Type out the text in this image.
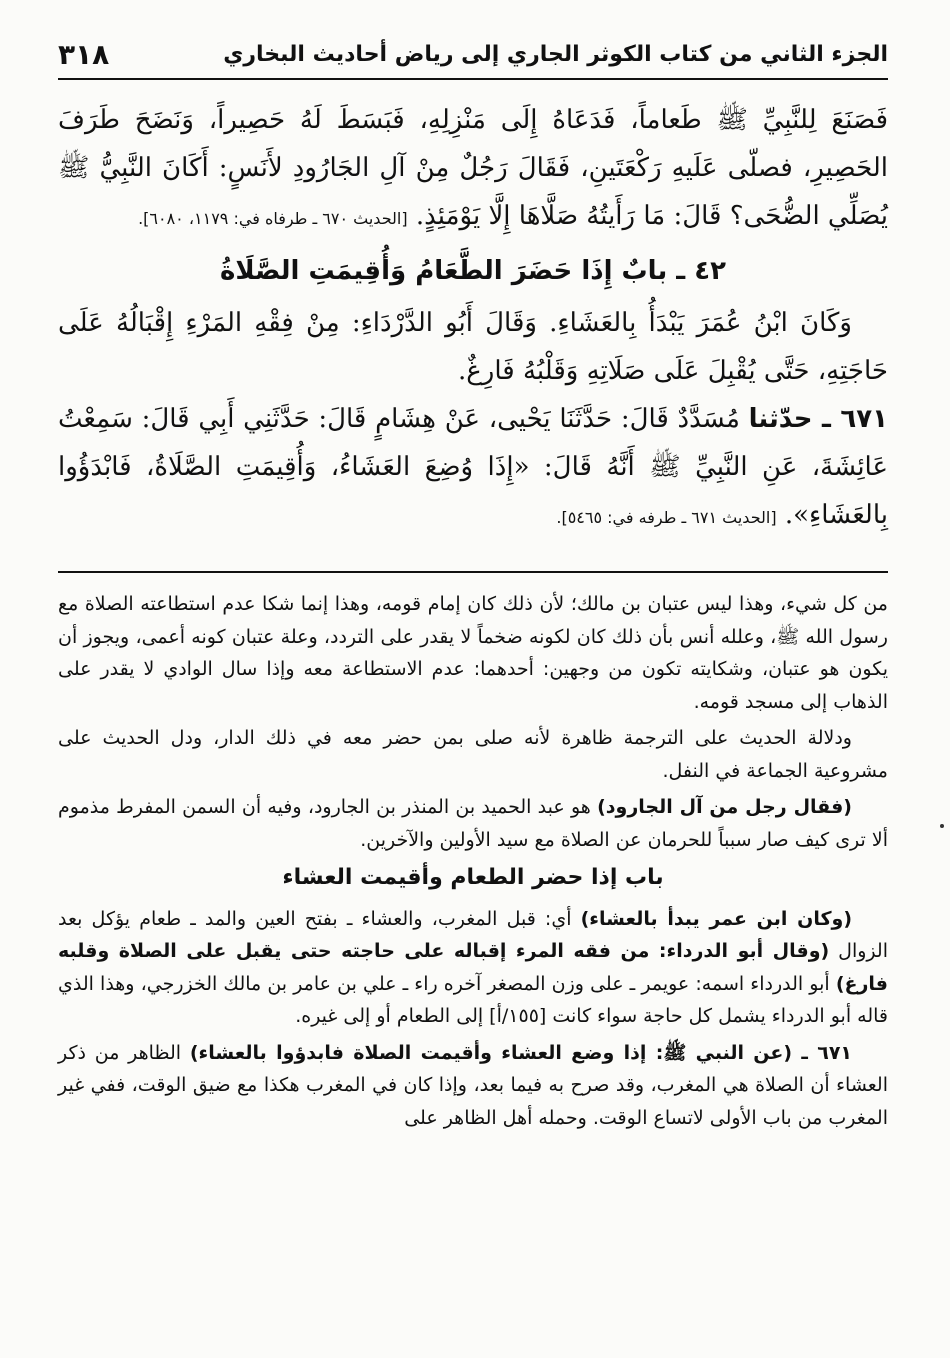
الجزء الثاني من كتاب الكوثر الجاري إلى رياض أحاديث البخاري
٣١٨

فَصَنَعَ لِلنَّبِيِّ ﷺ طَعاماً، فَدَعَاهُ إِلَى مَنْزِلِهِ، فَبَسَطَ لَهُ حَصِيراً، وَنَضَحَ طَرَفَ الحَصِيرِ، فصلّى عَلَيهِ رَكْعَتَينِ، فَقَالَ رَجُلٌ مِنْ آلِ الجَارُودِ لأَنَسٍ: أَكَانَ النَّبِيُّ ﷺ يُصَلِّي الضُّحَى؟ قَالَ: مَا رَأَيتُهُ صَلَّاهَا إِلَّا يَوْمَئِذٍ. [الحديث ٦٧٠ ـ طرفاه في: ١١٧٩، ٦٠٨٠].

٤٢ ـ بابٌ إِذَا حَضَرَ الطَّعَامُ وَأُقِيمَتِ الصَّلَاةُ

وَكَانَ ابْنُ عُمَرَ يَبْدَأُ بِالعَشَاءِ. وَقَالَ أَبُو الدَّرْدَاءِ: مِنْ فِقْهِ المَرْءِ إِقْبَالُهُ عَلَى حَاجَتِهِ، حَتَّى يُقْبِلَ عَلَى صَلَاتِهِ وَقَلْبُهُ فَارِغٌ.

٦٧١ ـ حدّثنا مُسَدَّدٌ قَالَ: حَدَّثَنَا يَحْيى، عَنْ هِشَامٍ قَالَ: حَدَّثَنِي أَبِي قَالَ: سَمِعْتُ عَائِشَةَ، عَنِ النَّبِيِّ ﷺ أَنَّهُ قَالَ: «إِذَا وُضِعَ العَشَاءُ، وَأُقِيمَتِ الصَّلَاةُ، فَابْدَؤُوا بِالعَشَاءِ». [الحديث ٦٧١ ـ طرفه في: ٥٤٦٥].

من كل شيء، وهذا ليس عتبان بن مالك؛ لأن ذلك كان إمام قومه، وهذا إنما شكا عدم استطاعته الصلاة مع رسول الله ﷺ، وعلله أنس بأن ذلك كان لكونه ضخماً لا يقدر على التردد، وعلة عتبان كونه أعمى، ويجوز أن يكون هو عتبان، وشكايته تكون من وجهين: أحدهما: عدم الاستطاعة معه وإذا سال الوادي لا يقدر على الذهاب إلى مسجد قومه.

ودلالة الحديث على الترجمة ظاهرة لأنه صلى بمن حضر معه في ذلك الدار، ودل الحديث على مشروعية الجماعة في النفل.

(فقال رجل من آل الجارود) هو عبد الحميد بن المنذر بن الجارود، وفيه أن السمن المفرط مذموم ألا ترى كيف صار سبباً للحرمان عن الصلاة مع سيد الأولين والآخرين.

باب إذا حضر الطعام وأقيمت العشاء

(وكان ابن عمر يبدأ بالعشاء) أي: قبل المغرب، والعشاء ـ بفتح العين والمد ـ طعام يؤكل بعد الزوال (وقال أبو الدرداء: من فقه المرء إقباله على حاجته حتى يقبل على الصلاة وقلبه فارغ) أبو الدرداء اسمه: عويمر ـ على وزن المصغر آخره راء ـ علي بن عامر بن مالك الخزرجي، وهذا الذي قاله أبو الدرداء يشمل كل حاجة سواء كانت [١٥٥/أ] إلى الطعام أو إلى غيره.

٦٧١ ـ (عن النبي ﷺ: إذا وضع العشاء وأقيمت الصلاة فابدؤوا بالعشاء) الظاهر من ذكر العشاء أن الصلاة هي المغرب، وقد صرح به فيما بعد، وإذا كان في المغرب هكذا مع ضيق الوقت، ففي غير المغرب من باب الأولى لاتساع الوقت. وحمله أهل الظاهر على
